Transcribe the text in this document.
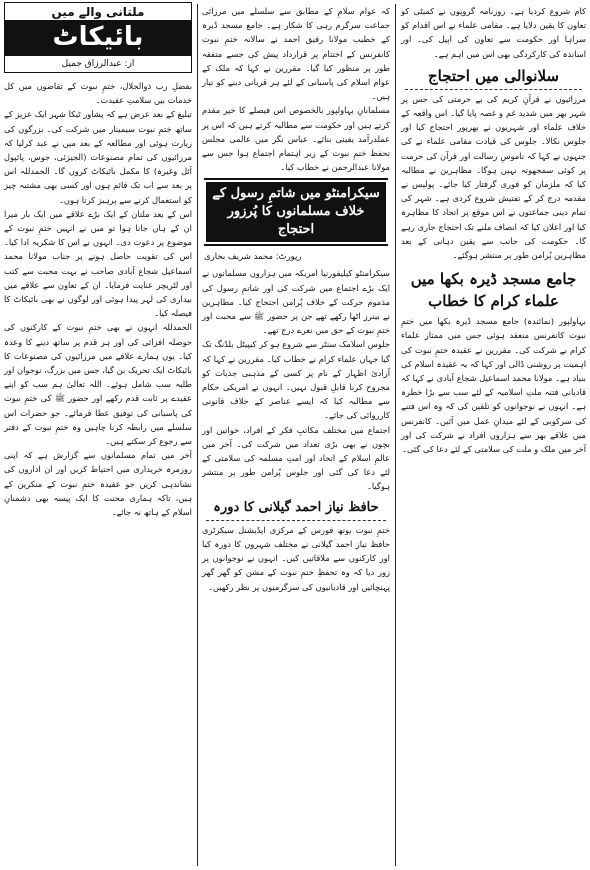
کام شروع کردیا ہے۔ روزنامہ گروپوں نے کمیٹی کو تعاون کا یقین دلایا ہے۔ مقامی علماء نے اس اقدام کو سراہا اور حکومت سے تعاون کی اپیل کی۔ اور اساتذہ کی کارکردگی بھی اس میں اہم ہے۔

سلانوالی میں احتجاج

مرزائیوں نے قرآنِ کریم کی بے حرمتی کی جس پر شہر بھر میں شدید غم و غصہ پایا گیا۔ اس واقعہ کے خلاف علماء اور شہریوں نے بھرپور احتجاج کیا اور جلوس نکالا۔ جلوس کی قیادت مقامی علماء نے کی جنہوں نے کہا کہ ناموسِ رسالت اور قرآن کی حرمت پر کوئی سمجھوتہ نہیں ہوگا۔ مظاہرین نے مطالبہ کیا کہ ملزمان کو فوری گرفتار کیا جائے۔ پولیس نے مقدمہ درج کر کے تفتیش شروع کردی ہے۔ شہر کی تمام دینی جماعتوں نے اس موقع پر اتحاد کا مظاہرہ کیا اور اعلان کیا کہ انصاف ملنے تک احتجاج جاری رہے گا۔ حکومت کی جانب سے یقین دہانی کے بعد مظاہرین پُرامن طور پر منتشر ہوگئے۔

جامع مسجد ڈیرہ بکھا میں
علماء کرام کا خطاب

بہاولپور (نمائندہ) جامع مسجد ڈیرہ بکھا میں ختمِ نبوت کانفرنس منعقد ہوئی جس میں ممتاز علماء کرام نے شرکت کی۔ مقررین نے عقیدہ ختمِ نبوت کی اہمیت پر روشنی ڈالی اور کہا کہ یہ عقیدہ اسلام کی بنیاد ہے۔ مولانا محمد اسماعیل شجاع آبادی نے کہا کہ قادیانی فتنہ ملتِ اسلامیہ کے لئے سب سے بڑا خطرہ ہے۔ انہوں نے نوجوانوں کو تلقین کی کہ وہ اس فتنے کی سرکوبی کے لئے میدانِ عمل میں آئیں۔ کانفرنس میں علاقے بھر سے ہزاروں افراد نے شرکت کی اور آخر میں ملک و ملت کی سلامتی کے لئے دعا کی گئی۔

کہ عوام سلامِ کے مطابق سے سلسلے میں مرزائی جماعت سرگرم رہی کا شکار ہے۔ جامع مسجد ڈیرہ کے خطیب مولانا رفیق احمد نے سالانہ ختمِ نبوت کانفرنس کے اختتام پر قرارداد پیش کی جسے متفقہ طور پر منظور کیا گیا۔ مقررین نے کہا کہ ملک کے عوام اسلام کی پاسبانی کے لئے ہر قربانی دینے کو تیار ہیں۔

مسلمانانِ بہاولپور بالخصوص اس فیصلے کا خیر مقدم کرتے ہیں اور حکومت سے مطالبہ کرتے ہیں کہ اس پر عملدرآمد یقینی بنائے۔ عباس نگر میں عالمی مجلس تحفظ ختمِ نبوت کے زیر اہتمام اجتماع ہوا جس سے مولانا عبدالرحمن نے خطاب کیا۔

سیکرامنٹو میں شاتمِ رسول کے خلاف مسلمانوں کا پُرزور احتجاج
رپورٹ: محمد شریف بخاری

سیکرامنٹو کیلیفورنیا امریکہ میں ہزاروں مسلمانوں نے ایک بڑے اجتماع میں شرکت کی اور شاتمِ رسول کی مذموم حرکت کے خلاف پُرامن احتجاج کیا۔ مظاہرین نے بینرز اٹھا رکھے تھے جن پر حضور ﷺ سے محبت اور ختمِ نبوت کے حق میں نعرے درج تھے۔

جلوس اسلامک سنٹر سے شروع ہو کر کیپیٹل بلڈنگ تک گیا جہاں علماء کرام نے خطاب کیا۔ مقررین نے کہا کہ آزادیٔ اظہار کے نام پر کسی کے مذہبی جذبات کو مجروح کرنا قابلِ قبول نہیں۔ انہوں نے امریکی حکام سے مطالبہ کیا کہ ایسے عناصر کے خلاف قانونی کارروائی کی جائے۔

اجتماع میں مختلف مکاتبِ فکر کے افراد، خواتین اور بچوں نے بھی بڑی تعداد میں شرکت کی۔ آخر میں عالمِ اسلام کے اتحاد اور امتِ مسلمہ کی سلامتی کے لئے دعا کی گئی اور جلوس پُرامن طور پر منتشر ہوگیا۔

حافظ نیاز احمد گیلانی کا دورہ

ختمِ نبوت یوتھ فورس کے مرکزی ایڈیشنل سیکرٹری حافظ نیاز احمد گیلانی نے مختلف شہروں کا دورہ کیا اور کارکنوں سے ملاقاتیں کیں۔ انہوں نے نوجوانوں پر زور دیا کہ وہ تحفظِ ختمِ نبوت کے مشن کو گھر گھر پہنچائیں اور قادیانیوں کی سرگرمیوں پر نظر رکھیں۔

ملتانی والے میں
بائیکاٹ
از: عبدالرزاق جمیل

بفضلِ رب ذوالجلال، ختمِ نبوت کے تقاضوں میں کل خدمات بیں سلامتِ عقیدت۔

تبلیغ کے بعد عرض ہے کہ پشاور ٹیکا شہر ایک عزیز کے ساتھ ختمِ نبوت سیمینار میں شرکت کی۔ بزرگوں کی زیارت ہوئی اور مطالعہ کے بعد میں نے عبد کرلیا کہ مرزائیوں کی تمام مصنوعات (الجیزئی، جوس، پائپول آئل وغیرہ) کا مکمل بائیکاٹ کروں گا۔ الحمدللہ اس پر بعد سے اب تک قائم ہوں اور کسی بھی مشتبہ چیز کو استعمال کرنے سے پرہیز کرتا ہوں۔

اس کے بعد ملتان کے ایک بڑے علاقے میں ایک بار میرا ان کے ہاں جانا ہوا تو میں نے انہیں ختمِ نبوت کے موضوع پر دعوت دی۔ انہوں نے اس کا شکریہ ادا کیا۔ اس کی تقویت حاصل ہونے پر جناب مولانا محمد اسماعیل شجاع آبادی صاحب نے بہت محبت سے کتب اور لٹریچر عنایت فرمایا۔ ان کے تعاون سے علاقے میں بیداری کی لہر پیدا ہوئی اور لوگوں نے بھی بائیکاٹ کا فیصلہ کیا۔

الحمدللہ انہوں نے بھی ختمِ نبوت کے کارکنوں کی حوصلہ افزائی کی اور ہر قدم پر ساتھ دینے کا وعدہ کیا۔ یوں ہمارے علاقے میں مرزائیوں کی مصنوعات کا بائیکاٹ ایک تحریک بن گیا، جس میں بزرگ، نوجوان اور طلبہ سب شامل ہوئے۔ اللہ تعالیٰ ہم سب کو اپنے عقیدے پر ثابت قدم رکھے اور حضور ﷺ کی ختمِ نبوت کی پاسبانی کی توفیق عطا فرمائے۔ جو حضرات اس سلسلے میں رابطہ کرنا چاہیں وہ ختمِ نبوت کے دفتر سے رجوع کر سکتے ہیں۔

آخر میں تمام مسلمانوں سے گزارش ہے کہ اپنی روزمرہ خریداری میں احتیاط کریں اور ان اداروں کی نشاندہی کریں جو عقیدہ ختمِ نبوت کے منکرین کے ہیں، تاکہ ہماری محنت کا ایک پیسہ بھی دشمنانِ اسلام کے ہاتھ نہ جائے۔
